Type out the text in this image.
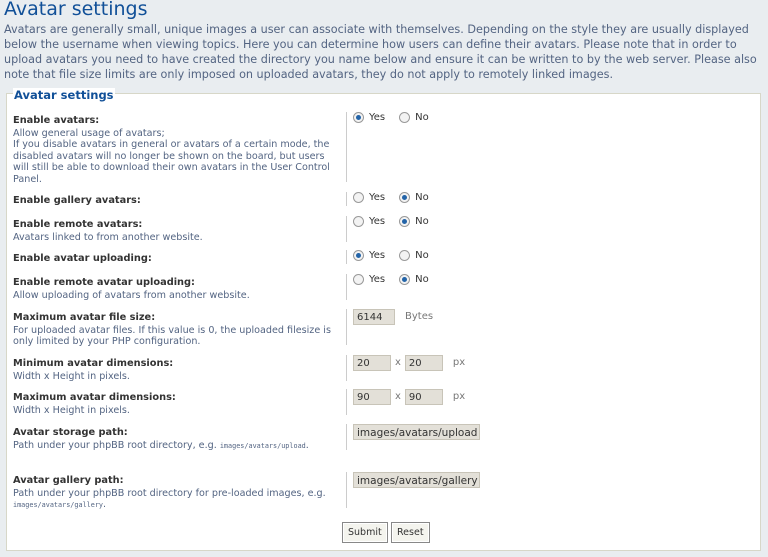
Avatar settings

Avatars are generally small, unique images a user can associate with themselves. Depending on the style they are usually displayed below the username when viewing topics. Here you can determine how users can define their avatars. Please note that in order to upload avatars you need to have created the directory you name below and ensure it can be written to by the web server. Please also note that file size limits are only imposed on uploaded avatars, they do not apply to remotely linked images.

Avatar settings
Enable avatars:
Allow general usage of avatars;
If you disable avatars in general or avatars of a certain mode, the disabled avatars will no longer be shown on the board, but users will still be able to download their own avatars in the User Control Panel.
Yes	No
Enable gallery avatars:	Yes	No
Enable remote avatars:
Avatars linked to from another website.
Yes	No
Enable avatar uploading:	Yes	No
Enable remote avatar uploading:
Allow uploading of avatars from another website.
Yes	No
Maximum avatar file size:
For uploaded avatar files. If this value is 0, the uploaded filesize is only limited by your PHP configuration.
6144	Bytes
Minimum avatar dimensions:
Width x Height in pixels.
20	x 20	px
Maximum avatar dimensions:
Width x Height in pixels.
90	x 90	px
Avatar storage path:
Path under your phpBB root directory, e.g. images/avatars/upload.
images/avatars/upload
Avatar gallery path:
Path under your phpBB root directory for pre-loaded images, e.g. images/avatars/gallery.
images/avatars/gallery
Submit	Reset
